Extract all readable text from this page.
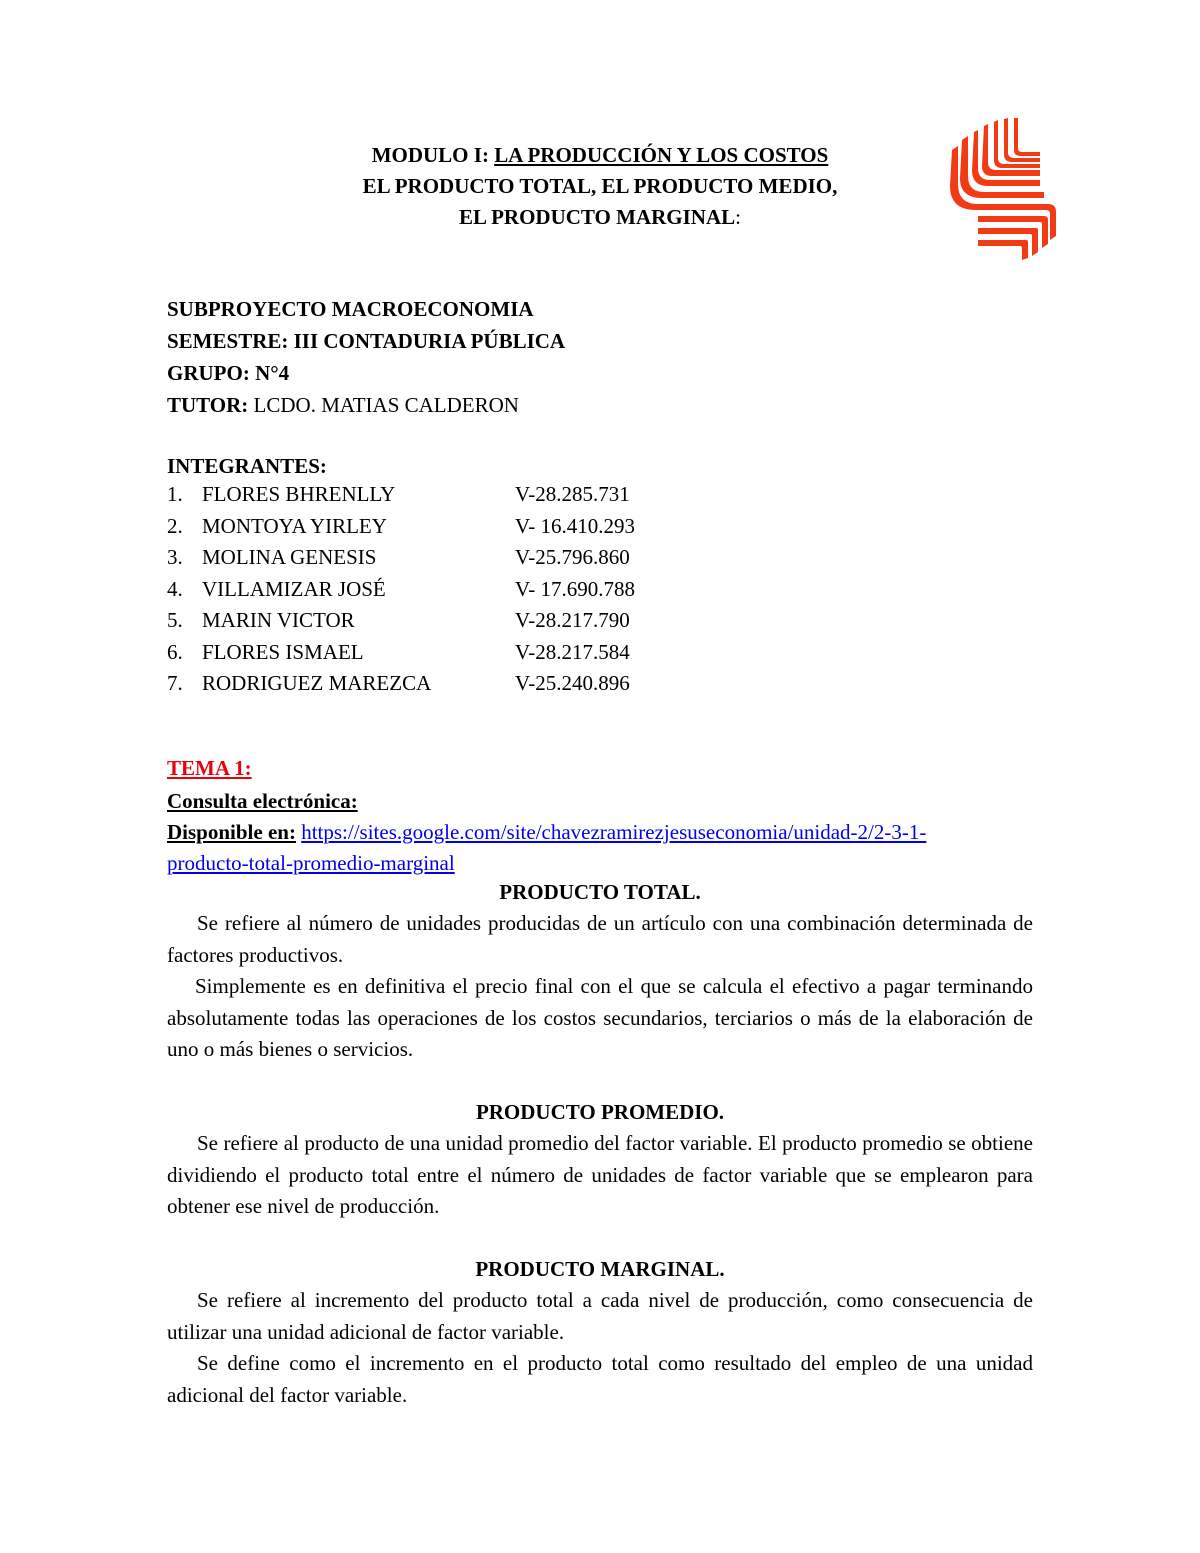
MODULO I: LA PRODUCCIÓN Y LOS COSTOS
EL PRODUCTO TOTAL, EL PRODUCTO MEDIO,
EL PRODUCTO MARGINAL:
SUBPROYECTO MACROECONOMIA
SEMESTRE: III CONTADURIA PÚBLICA
GRUPO: N°4
TUTOR: LCDO. MATIAS CALDERON
INTEGRANTES:
1. FLORES BHRENLLY	V-28.285.731
2. MONTOYA YIRLEY	V- 16.410.293
3. MOLINA GENESIS	V-25.796.860
4. VILLAMIZAR JOSÉ	V- 17.690.788
5. MARIN VICTOR	V-28.217.790
6. FLORES ISMAEL	V-28.217.584
7. RODRIGUEZ MAREZCA	V-25.240.896
TEMA 1:
Consulta electrónica:
Disponible en: https://sites.google.com/site/chavezramirezjesuseconomia/unidad-2/2-3-1-
producto-total-promedio-marginal
PRODUCTO TOTAL.

Se refiere al número de unidades producidas de un artículo con una combinación determinada de factores productivos.

Simplemente es en definitiva el precio final con el que se calcula el efectivo a pagar terminando absolutamente todas las operaciones de los costos secundarios, terciarios o más de la elaboración de uno o más bienes o servicios.

PRODUCTO PROMEDIO.

Se refiere al producto de una unidad promedio del factor variable. El producto promedio se obtiene dividiendo el producto total entre el número de unidades de factor variable que se emplearon para obtener ese nivel de producción.

PRODUCTO MARGINAL.

Se refiere al incremento del producto total a cada nivel de producción, como consecuencia de utilizar una unidad adicional de factor variable.

Se define como el incremento en el producto total como resultado del empleo de una unidad adicional del factor variable.
